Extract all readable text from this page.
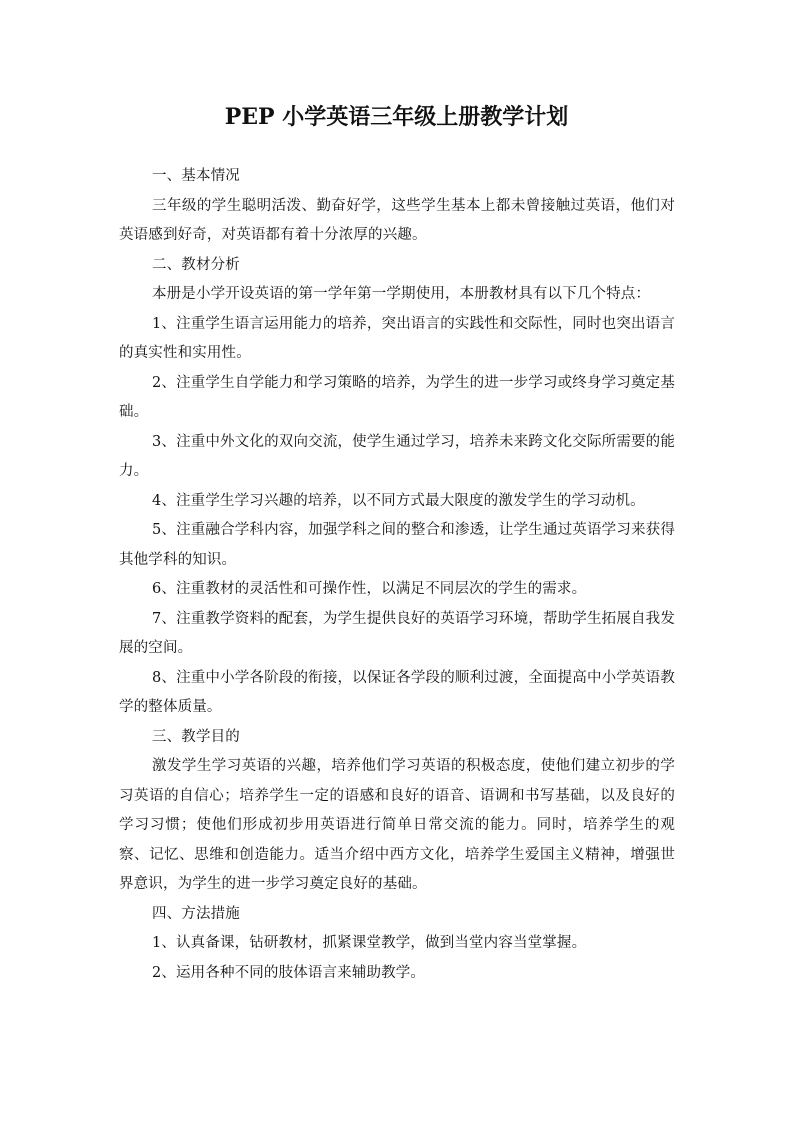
PEP 小学英语三年级上册教学计划

一、基本情况

三年级的学生聪明活泼、勤奋好学，这些学生基本上都未曾接触过英语，他们对英语感到好奇，对英语都有着十分浓厚的兴趣。

二、教材分析

本册是小学开设英语的第一学年第一学期使用，本册教材具有以下几个特点：

1、注重学生语言运用能力的培养，突出语言的实践性和交际性，同时也突出语言的真实性和实用性。

2、注重学生自学能力和学习策略的培养，为学生的进一步学习或终身学习奠定基础。

3、注重中外文化的双向交流，使学生通过学习，培养未来跨文化交际所需要的能力。

4、注重学生学习兴趣的培养，以不同方式最大限度的激发学生的学习动机。

5、注重融合学科内容，加强学科之间的整合和渗透，让学生通过英语学习来获得其他学科的知识。

6、注重教材的灵活性和可操作性，以满足不同层次的学生的需求。

7、注重教学资料的配套，为学生提供良好的英语学习环境，帮助学生拓展自我发展的空间。

8、注重中小学各阶段的衔接，以保证各学段的顺利过渡，全面提高中小学英语教学的整体质量。

三、教学目的

激发学生学习英语的兴趣，培养他们学习英语的积极态度，使他们建立初步的学习英语的自信心；培养学生一定的语感和良好的语音、语调和书写基础，以及良好的学习习惯；使他们形成初步用英语进行简单日常交流的能力。同时，培养学生的观察、记忆、思维和创造能力。适当介绍中西方文化，培养学生爱国主义精神，增强世界意识，为学生的进一步学习奠定良好的基础。

四、方法措施

1、认真备课，钻研教材，抓紧课堂教学，做到当堂内容当堂掌握。

2、运用各种不同的肢体语言来辅助教学。
